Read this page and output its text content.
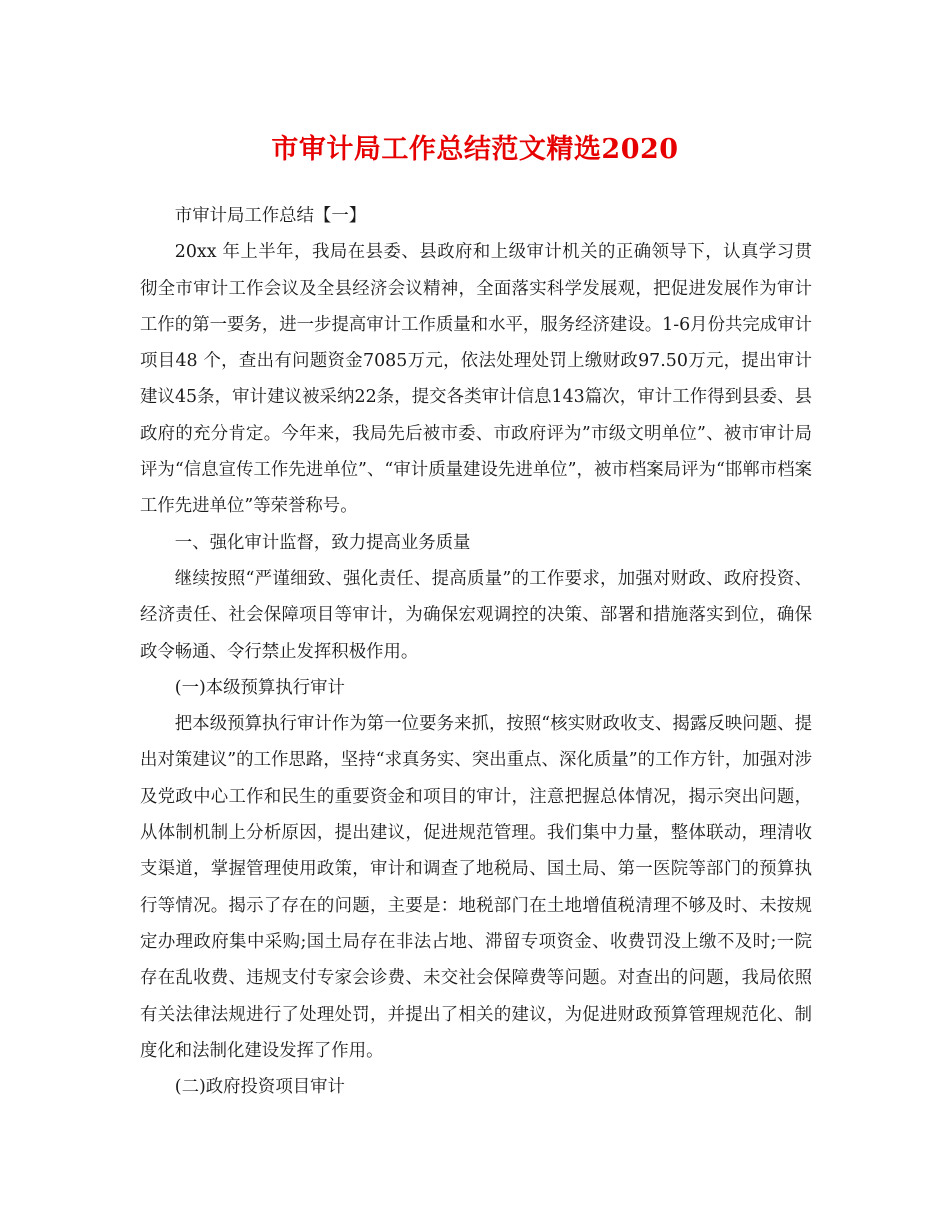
市审计局工作总结范文精选2020

市审计局工作总结【一】

20xx 年上半年，我局在县委、县政府和上级审计机关的正确领导下，认真学习贯彻全市审计工作会议及全县经济会议精神，全面落实科学发展观，把促进发展作为审计工作的第一要务，进一步提高审计工作质量和水平，服务经济建设。1-6月份共完成审计项目48 个，查出有问题资金7085万元，依法处理处罚上缴财政97.50万元，提出审计建议45条，审计建议被采纳22条，提交各类审计信息143篇次，审计工作得到县委、县政府的充分肯定。今年来，我局先后被市委、市政府评为”市级文明单位”、被市审计局评为“信息宣传工作先进单位”、“审计质量建设先进单位”，被市档案局评为“邯郸市档案工作先进单位”等荣誉称号。

一、强化审计监督，致力提高业务质量

继续按照“严谨细致、强化责任、提高质量”的工作要求，加强对财政、政府投资、经济责任、社会保障项目等审计，为确保宏观调控的决策、部署和措施落实到位，确保政令畅通、令行禁止发挥积极作用。

(一)本级预算执行审计

把本级预算执行审计作为第一位要务来抓，按照“核实财政收支、揭露反映问题、提出对策建议”的工作思路，坚持“求真务实、突出重点、深化质量”的工作方针，加强对涉及党政中心工作和民生的重要资金和项目的审计，注意把握总体情况，揭示突出问题，从体制机制上分析原因，提出建议，促进规范管理。我们集中力量，整体联动，理清收支渠道，掌握管理使用政策，审计和调查了地税局、国土局、第一医院等部门的预算执行等情况。揭示了存在的问题，主要是：地税部门在土地增值税清理不够及时、未按规定办理政府集中采购;国土局存在非法占地、滞留专项资金、收费罚没上缴不及时;一院存在乱收费、违规支付专家会诊费、未交社会保障费等问题。对查出的问题，我局依照有关法律法规进行了处理处罚，并提出了相关的建议，为促进财政预算管理规范化、制度化和法制化建设发挥了作用。

(二)政府投资项目审计
